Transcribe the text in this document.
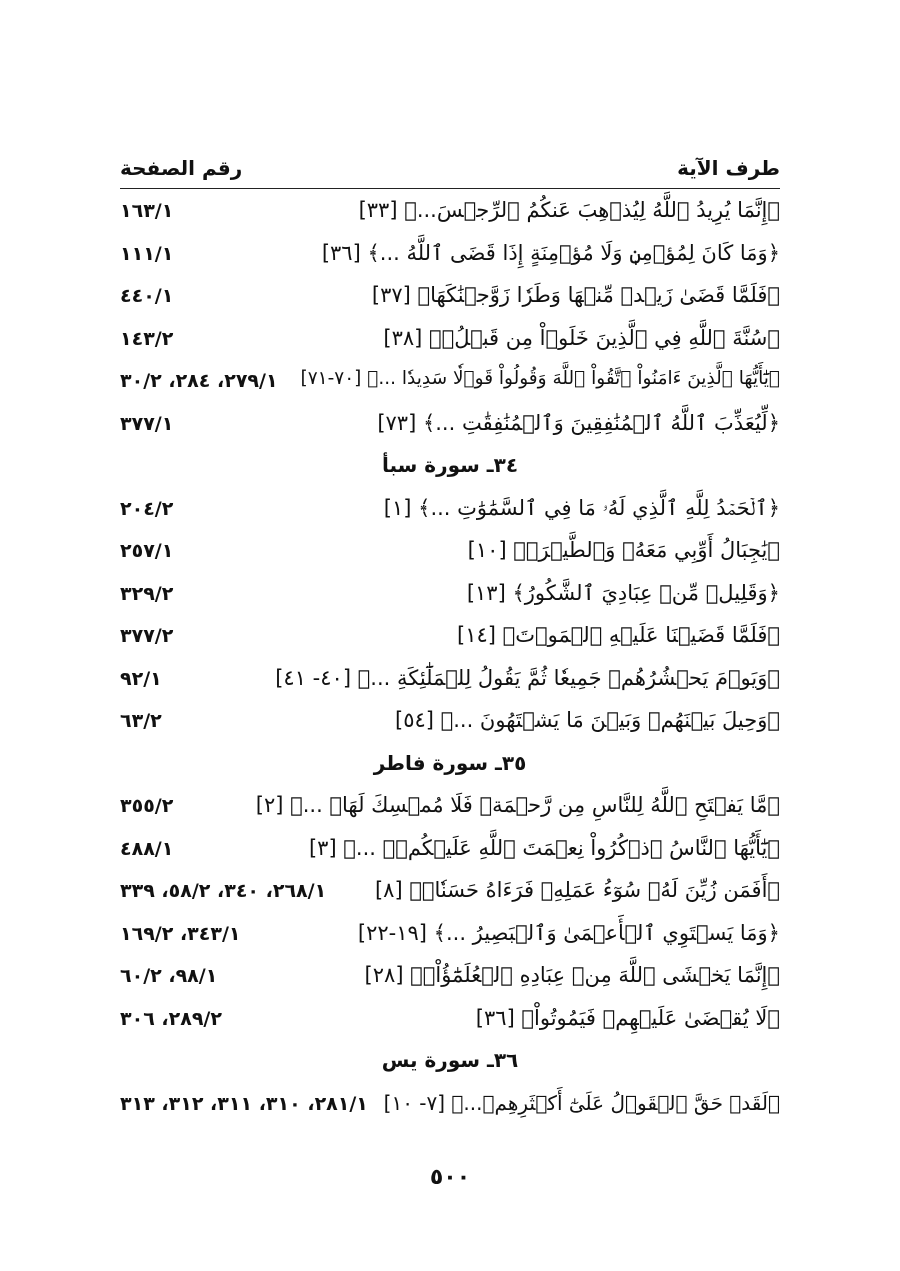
طرف الآية
رقم الصفحة
﴿إِنَّمَا يُرِيدُ ٱللَّهُ لِيُذۡهِبَ عَنكُمُ ٱلرِّجۡسَ...﴾ [٣٣]
١٦٣/١
﴿وَمَا كَانَ لِمُؤۡمِنٖ وَلَا مُؤۡمِنَةٍ إِذَا قَضَى ٱللَّهُ ...﴾ [٣٦]
١١١/١
﴿فَلَمَّا قَضَىٰ زَيۡدٞ مِّنۡهَا وَطَرٗا زَوَّجۡنَٰكَهَا﴾ [٣٧]
٤٤٠/١
﴿سُنَّةَ ٱللَّهِ فِي ٱلَّذِينَ خَلَوۡاْ مِن قَبۡلُۚ﴾ [٣٨]
١٤٣/٢
﴿يَٰٓأَيُّهَا ٱلَّذِينَ ءَامَنُواْ ٱتَّقُواْ ٱللَّهَ وَقُولُواْ قَوۡلٗا سَدِيدٗا ...﴾ [٧٠-٧١]
٢٧٩/١، ٢٨٤، ٣٠/٢
﴿لِّيُعَذِّبَ ٱللَّهُ ٱلۡمُنَٰفِقِينَ وَٱلۡمُنَٰفِقَٰتِ ...﴾ [٧٣]
٣٧٧/١
٣٤ـ سورة سبأ
﴿ٱلۡحَمۡدُ لِلَّهِ ٱلَّذِي لَهُۥ مَا فِي ٱلسَّمَٰوَٰتِ ...﴾ [١]
٢٠٤/٢
﴿يَٰجِبَالُ أَوِّبِي مَعَهُۥ وَٱلطَّيۡرَۖ﴾ [١٠]
٢٥٧/١
﴿وَقَلِيلٞ مِّنۡ عِبَادِيَ ٱلشَّكُورُ﴾ [١٣]
٣٢٩/٢
﴿فَلَمَّا قَضَيۡنَا عَلَيۡهِ ٱلۡمَوۡتَ﴾ [١٤]
٣٧٧/٢
﴿وَيَوۡمَ يَحۡشُرُهُمۡ جَمِيعٗا ثُمَّ يَقُولُ لِلۡمَلَٰٓئِكَةِ ...﴾ [٤٠- ٤١]
٩٢/١
﴿وَحِيلَ بَيۡنَهُمۡ وَبَيۡنَ مَا يَشۡتَهُونَ ...﴾ [٥٤]
٦٣/٢
٣٥ـ سورة فاطر
﴿مَّا يَفۡتَحِ ٱللَّهُ لِلنَّاسِ مِن رَّحۡمَةٖ فَلَا مُمۡسِكَ لَهَاۖ ...﴾ [٢]
٣٥٥/٢
﴿يَٰٓأَيُّهَا ٱلنَّاسُ ٱذۡكُرُواْ نِعۡمَتَ ٱللَّهِ عَلَيۡكُمۡۚ ...﴾ [٣]
٤٨٨/١
﴿أَفَمَن زُيِّنَ لَهُۥ سُوٓءُ عَمَلِهِۦ فَرَءَاهُ حَسَنٗاۖ﴾ [٨]
٢٦٨/١، ٣٤٠، ٥٨/٢، ٣٣٩
﴿وَمَا يَسۡتَوِي ٱلۡأَعۡمَىٰ وَٱلۡبَصِيرُ ...﴾ [١٩-٢٢]
٣٤٣/١، ١٦٩/٢
﴿إِنَّمَا يَخۡشَى ٱللَّهَ مِنۡ عِبَادِهِ ٱلۡعُلَمَٰٓؤُاْۗ﴾ [٢٨]
٩٨/١، ٦٠/٢
﴿لَا يُقۡضَىٰ عَلَيۡهِمۡ فَيَمُوتُواْ﴾ [٣٦]
٢٨٩/٢، ٣٠٦
٣٦ـ سورة يس
﴿لَقَدۡ حَقَّ ٱلۡقَوۡلُ عَلَىٰٓ أَكۡثَرِهِمۡ...﴾ [٧- ١٠]
٢٨١/١، ٣١٠، ٣١١، ٣١٢، ٣١٣
٥٠٠
